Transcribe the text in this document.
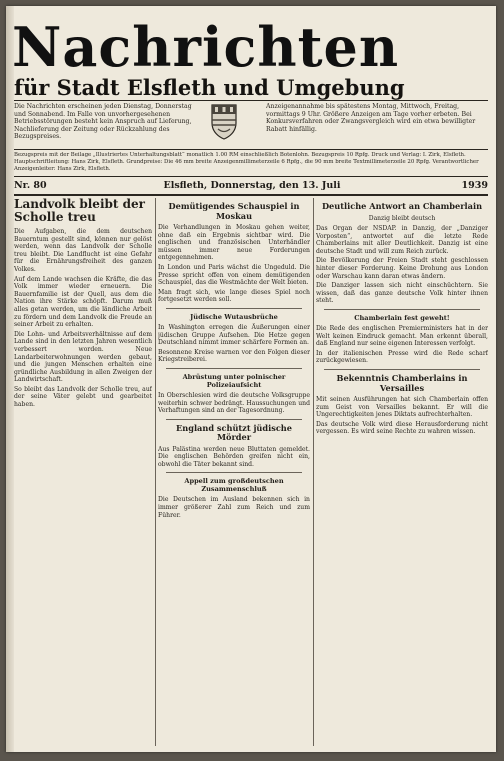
Nachrichten
für Stadt Elsfleth und Umgebung
Die Nachrichten erscheinen jeden Dienstag, Donnerstag und Sonnabend. Im Falle von unvorhergesehenen Betriebsstörungen besteht kein Anspruch auf Lieferung, Nachlieferung der Zeitung oder Rückzahlung des Bezugspreises.
Anzeigenannahme bis spätestens Montag, Mittwoch, Freitag, vormittags 9 Uhr. Größere Anzeigen am Tage vorher erbeten. Bei Konkursverfahren oder Zwangsvergleich wird ein etwa bewilligter Rabatt hinfällig.
Bezugspreis mit der Beilage „Illustriertes Unterhaltungsblatt“ monatlich 1.00 RM einschließlich Botenlohn. Bezugspreis 10 Rpfg. Druck und Verlag: I. Zirk, Elsfleth. Hauptschriftleitung: Hans Zirk, Elsfleth. Grundpreise: Die 46 mm breite Anzeigenmillimeterzeile 6 Rpfg., die 90 mm breite Textmillimeterzeile 20 Rpfg. Verantwortlicher Anzeigenleiter: Hans Zirk, Elsfleth.
Nr. 80	Elsfleth, Donnerstag, den 13. Juli	1939
Landvolk bleibt der Scholle treu

Die Aufgaben, die dem deutschen Bauerntum gestellt sind, können nur gelöst werden, wenn das Landvolk der Scholle treu bleibt. Die Landflucht ist eine Gefahr für die Ernährungsfreiheit des ganzen Volkes.

Auf dem Lande wachsen die Kräfte, die das Volk immer wieder erneuern. Die Bauernfamilie ist der Quell, aus dem die Nation ihre Stärke schöpft. Darum muß alles getan werden, um die ländliche Arbeit zu fördern und dem Landvolk die Freude an seiner Arbeit zu erhalten.

Die Lohn- und Arbeitsverhältnisse auf dem Lande sind in den letzten Jahren wesentlich verbessert worden. Neue Landarbeiterwohnungen werden gebaut, und die jungen Menschen erhalten eine gründliche Ausbildung in allen Zweigen der Landwirtschaft.

So bleibt das Landvolk der Scholle treu, auf der seine Väter gelebt und gearbeitet haben.

Demütigendes Schauspiel in Moskau

Die Verhandlungen in Moskau gehen weiter, ohne daß ein Ergebnis sichtbar wird. Die englischen und französischen Unterhändler müssen immer neue Forderungen entgegennehmen.

In London und Paris wächst die Ungeduld. Die Presse spricht offen von einem demütigenden Schauspiel, das die Westmächte der Welt bieten.

Man fragt sich, wie lange dieses Spiel noch fortgesetzt werden soll.

Jüdische Wutausbrüche

In Washington erregen die Äußerungen einer jüdischen Gruppe Aufsehen. Die Hetze gegen Deutschland nimmt immer schärfere Formen an.

Besonnene Kreise warnen vor den Folgen dieser Kriegstreiberei.

Abrüstung unter polnischer Polizeiaufsicht

In Oberschlesien wird die deutsche Volksgruppe weiterhin schwer bedrängt. Haussuchungen und Verhaftungen sind an der Tagesordnung.

England schützt jüdische Mörder

Aus Palästina werden neue Bluttaten gemeldet. Die englischen Behörden greifen nicht ein, obwohl die Täter bekannt sind.

Appell zum großdeutschen Zusammenschluß

Die Deutschen im Ausland bekennen sich in immer größerer Zahl zum Reich und zum Führer.

Deutliche Antwort an Chamberlain
Danzig bleibt deutsch

Das Organ der NSDAP. in Danzig, der „Danziger Vorposten“, antwortet auf die letzte Rede Chamberlains mit aller Deutlichkeit. Danzig ist eine deutsche Stadt und will zum Reich zurück.

Die Bevölkerung der Freien Stadt steht geschlossen hinter dieser Forderung. Keine Drohung aus London oder Warschau kann daran etwas ändern.

Die Danziger lassen sich nicht einschüchtern. Sie wissen, daß das ganze deutsche Volk hinter ihnen steht.

Chamberlain fest geweht!

Die Rede des englischen Premierministers hat in der Welt keinen Eindruck gemacht. Man erkennt überall, daß England nur seine eigenen Interessen verfolgt.

In der italienischen Presse wird die Rede scharf zurückgewiesen.

Bekenntnis Chamberlains in Versailles

Mit seinen Ausführungen hat sich Chamberlain offen zum Geist von Versailles bekannt. Er will die Ungerechtigkeiten jenes Diktats aufrechterhalten.

Das deutsche Volk wird diese Herausforderung nicht vergessen. Es wird seine Rechte zu wahren wissen.
